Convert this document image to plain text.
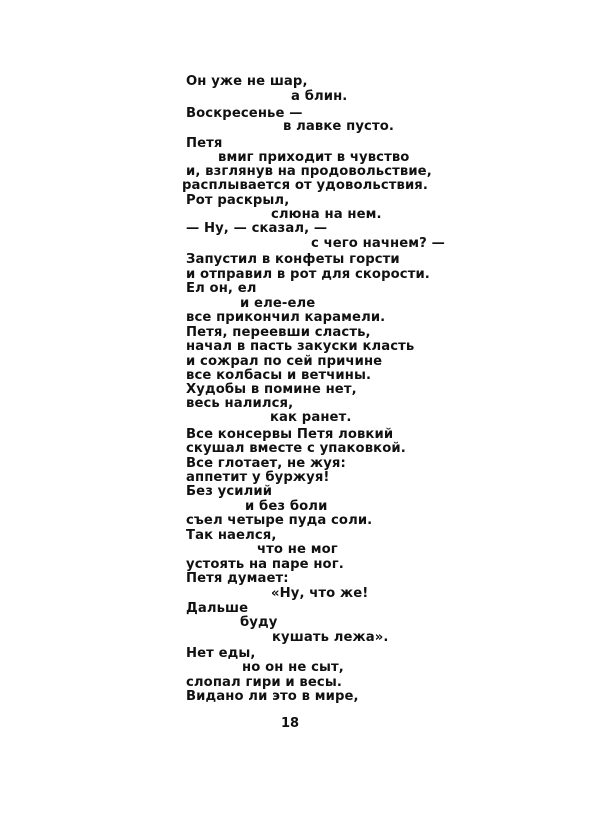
Он уже не шар,
а блин.
Воскресенье —
в лавке пусто.
Петя
вмиг приходит в чувство
и, взглянув на продовольствие,
расплывается от удовольствия.
Рот раскрыл,
слюна на нем.
— Ну, — сказал, —
с чего начнем? —
Запустил в конфеты горсти
и отправил в рот для скорости.
Ел он, ел
и еле-еле
все прикончил карамели.
Петя, переевши сласть,
начал в пасть закуски класть
и сожрал по сей причине
все колбасы и ветчины.
Худобы в помине нет,
весь налился,
как ранет.
Все консервы Петя ловкий
скушал вместе с упаковкой.
Все глотает, не жуя:
аппетит у буржуя!
Без усилий
и без боли
съел четыре пуда соли.
Так наелся,
что не мог
устоять на паре ног.
Петя думает:
«Ну, что же!
Дальше
буду
кушать лежа».
Нет еды,
но он не сыт,
слопал гири и весы.
Видано ли это в мире,
18
